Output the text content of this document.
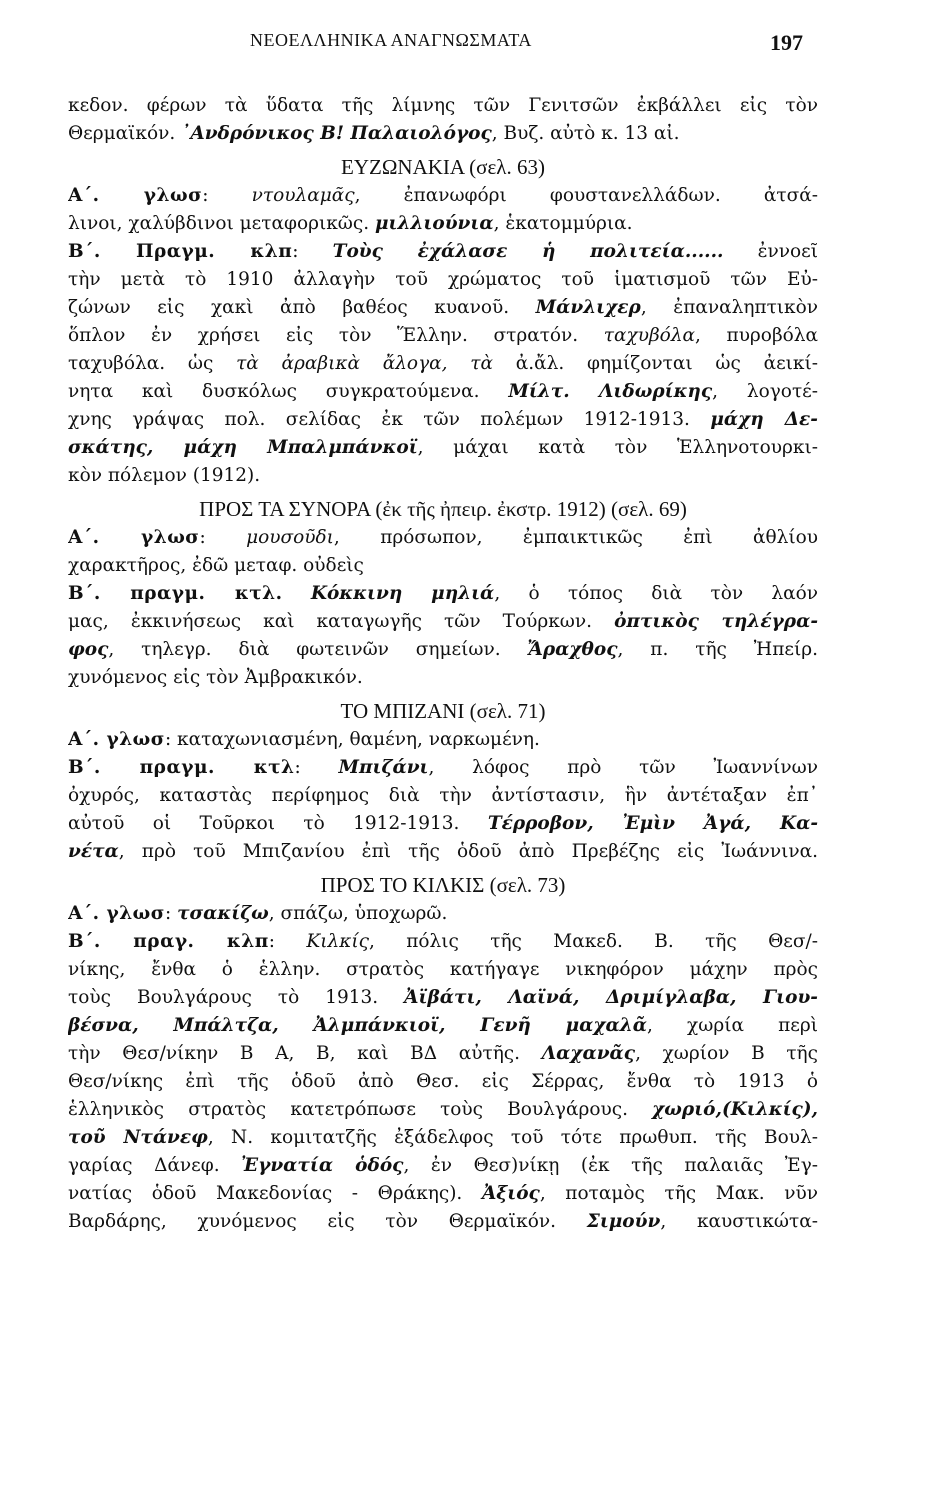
ΝΕΟΕΛΛΗΝΙΚΑ ΑΝΑΓΝΩΣΜΑΤΑ	197
κεδον. φέρων τὰ ὕδατα τῆς λίμνης τῶν Γενιτσῶν ἐκβάλλει εἰς τὸν
Θερμαϊκόν. ᾿Ανδρόνικος Β! Παλαιολόγος, Βυζ. αὐτὸ κ. 13 αἰ.
ΕΥΖΩΝΑΚΙΑ (σελ. 63)
Α΄. γλωσ: ντουλαμᾶς, ἐπανωφόρι φουστανελλάδων. ἀτσά-
λινοι, χαλύβδινοι μεταφορικῶς. μιλλιούνια, ἑκατομμύρια.
Β΄. Πραγμ. κλπ: Τοὺς ἐχάλασε ἡ πολιτεία...... ἐννοεῖ
τὴν μετὰ τὸ 1910 ἀλλαγὴν τοῦ χρώματος τοῦ ἱματισμοῦ τῶν Εὐ-
ζώνων εἰς χακὶ ἀπὸ βαθέος κυανοῦ. Μάνλιχερ, ἐπαναληπτικὸν
ὅπλον ἐν χρήσει εἰς τὸν Ἕλλην. στρατόν. ταχυβόλα, πυροβόλα
ταχυβόλα. ὡς τὰ ἀραβικὰ ἄλογα, τὰ ἀ.ἄλ. φημίζονται ὡς ἀεικί-
νητα καὶ δυσκόλως συγκρατούμενα. Μίλτ. Λιδωρίκης, λογοτέ-
χνης γράψας πολ. σελίδας ἐκ τῶν πολέμων 1912-1913. μάχη Δε-
σκάτης, μάχη Μπαλμπάνκοϊ, μάχαι κατὰ τὸν Ἑλληνοτουρκι-
κὸν πόλεμον (1912).
ΠΡΟΣ ΤΑ ΣΥΝΟΡΑ (ἐκ τῆς ἠπειρ. ἐκστρ. 1912) (σελ. 69)
Α΄. γλωσ: μουσοῦδι, πρόσωπον, ἐμπαικτικῶς ἐπὶ ἀθλίου
χαρακτῆρος, ἐδῶ μεταφ. οὐδεὶς
Β΄. πραγμ. κτλ. Κόκκινη μηλιά, ὁ τόπος διὰ τὸν λαόν
μας, ἐκκινήσεως καὶ καταγωγῆς τῶν Τούρκων. ὀπτικὸς τηλέγρα-
φος, τηλεγρ. διὰ φωτεινῶν σημείων. Ἄραχθος, π. τῆς Ἠπείρ.
χυνόμενος εἰς τὸν Ἀμβρακικόν.
ΤΟ ΜΠΙΖΑΝΙ (σελ. 71)
Α΄. γλωσ: καταχωνιασμένη, θαμένη, ναρκωμένη.
Β΄. πραγμ. κτλ: Μπιζάνι, λόφος πρὸ τῶν Ἰωαννίνων
ὀχυρός, καταστὰς περίφημος διὰ τὴν ἀντίστασιν, ἣν ἀντέταξαν ἐπ᾿
αὐτοῦ οἱ Τοῦρκοι τὸ 1912-1913. Τέρροβον, Ἐμὶν Ἀγά, Κα-
νέτα, πρὸ τοῦ Μπιζανίου ἐπὶ τῆς ὁδοῦ ἀπὸ Πρεβέζης εἰς Ἰωάννινα.
ΠΡΟΣ ΤΟ ΚΙΛΚΙΣ (σελ. 73)
Α΄. γλωσ: τσακίζω, σπάζω, ὑποχωρῶ.
Β΄. πραγ. κλπ: Κιλκίς, πόλις τῆς Μακεδ. Β. τῆς Θεσ/-
νίκης, ἔνθα ὁ ἑλλην. στρατὸς κατήγαγε νικηφόρον μάχην πρὸς
τοὺς Βουλγάρους τὸ 1913. Ἀϊβάτι, Λαϊνά, Δριμίγλαβα, Γιου-
βέσνα, Μπάλτζα, Ἀλμπάνκιοϊ, Γενῆ μαχαλᾶ, χωρία περὶ
τὴν Θεσ/νίκην Β Α, Β, καὶ ΒΔ αὐτῆς. Λαχανᾶς, χωρίον Β τῆς
Θεσ/νίκης ἐπὶ τῆς ὁδοῦ ἀπὸ Θεσ. εἰς Σέρρας, ἔνθα τὸ 1913 ὁ
ἑλληνικὸς στρατὸς κατετρόπωσε τοὺς Βουλγάρους. χωριό,(Κιλκίς),
τοῦ Ντάνεφ, Ν. κομιτατζῆς ἐξάδελφος τοῦ τότε πρωθυπ. τῆς Βουλ-
γαρίας Δάνεφ. Ἐγνατία ὁδός, ἐν Θεσ)νίκῃ (ἐκ τῆς παλαιᾶς Ἐγ-
νατίας ὁδοῦ Μακεδονίας - Θράκης). Ἀξιός, ποταμὸς τῆς Μακ. νῦν
Βαρδάρης, χυνόμενος εἰς τὸν Θερμαϊκόν. Σιμούν, καυστικώτα-
